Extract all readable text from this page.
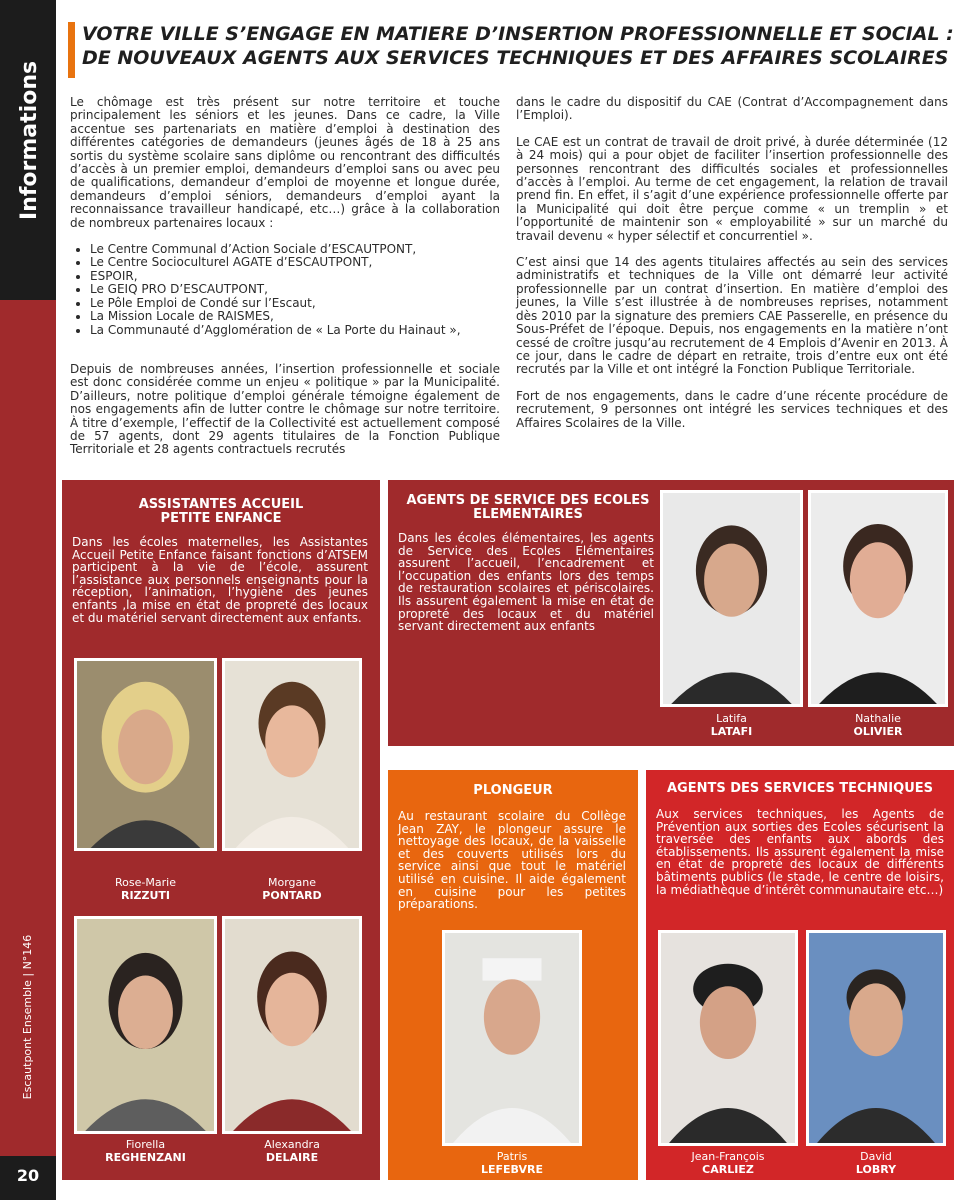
Informations
Escautpont Ensemble | N°146
20
VOTRE VILLE S’ENGAGE EN MATIERE D’INSERTION PROFESSIONNELLE ET SOCIAL :
DE NOUVEAUX AGENTS AUX SERVICES TECHNIQUES ET DES AFFAIRES SCOLAIRES

Le chômage est très présent sur notre territoire et touche principalement les séniors et les jeunes. Dans ce cadre, la Ville accentue ses partenariats en matière d’emploi à destination des différentes catégories de demandeurs (jeunes âgés de 18 à 25 ans sortis du système scolaire sans diplôme ou rencontrant des difficultés d’accès à un premier emploi, demandeurs d’emploi sans ou avec peu de qualifications, demandeur d’emploi de moyenne et longue durée, demandeurs d’emploi séniors, demandeurs d’emploi ayant la reconnaissance travailleur handicapé, etc…) grâce à la collaboration de nombreux partenaires locaux :

• Le Centre Communal d’Action Sociale d’ESCAUTPONT,
• Le Centre Socioculturel AGATE d’ESCAUTPONT,
• ESPOIR,
• Le GEIQ PRO D’ESCAUTPONT,
• Le Pôle Emploi de Condé sur l’Escaut,
• La Mission Locale de RAISMES,
• La Communauté d’Agglomération de « La Porte du Hainaut »,

Depuis de nombreuses années, l’insertion professionnelle et sociale est donc considérée comme un enjeu « politique » par la Municipalité. D’ailleurs, notre politique d’emploi générale témoigne également de nos engagements afin de lutter contre le chômage sur notre territoire. À titre d’exemple, l’effectif de la Collectivité est actuellement composé de 57 agents, dont 29 agents titulaires de la Fonction Publique Territoriale et 28 agents contractuels recrutés

dans le cadre du dispositif du CAE (Contrat d’Accompagnement dans l’Emploi).

Le CAE est un contrat de travail de droit privé, à durée déterminée (12 à 24 mois) qui a pour objet de faciliter l’insertion professionnelle des personnes rencontrant des difficultés sociales et professionnelles d’accès à l’emploi. Au terme de cet engagement, la relation de travail prend fin. En effet, il s’agit d’une expérience professionnelle offerte par la Municipalité qui doit être perçue comme « un tremplin » et l’opportunité de maintenir son « employabilité » sur un marché du travail devenu « hyper sélectif et concurrentiel ».

C’est ainsi que 14 des agents titulaires affectés au sein des services administratifs et techniques de la Ville ont démarré leur activité professionnelle par un contrat d’insertion. En matière d’emploi des jeunes, la Ville s’est illustrée à de nombreuses reprises, notamment dès 2010 par la signature des premiers CAE Passerelle, en présence du Sous-Préfet de l’époque. Depuis, nos engagements en la matière n’ont cessé de croître jusqu’au recrutement de 4 Emplois d’Avenir en 2013. À ce jour, dans le cadre de départ en retraite, trois d’entre eux ont été recrutés par la Ville et ont intégré la Fonction Publique Territoriale.

Fort de nos engagements, dans le cadre d’une récente procédure de recrutement, 9 personnes ont intégré les services techniques et des Affaires Scolaires de la Ville.

ASSISTANTES ACCUEIL
PETITE ENFANCE
Dans les écoles maternelles, les Assistantes Accueil Petite Enfance faisant fonctions d’ATSEM participent à la vie de l’école, assurent l’assistance aux personnels enseignants pour la réception, l’animation, l’hygiène des jeunes enfants ,la mise en état de propreté des locaux et du matériel servant directement aux enfants.
Rose-Marie
RIZZUTI
Morgane
PONTARD
Fiorella
REGHENZANI
Alexandra
DELAIRE
AGENTS DE SERVICE DES ECOLES
ELEMENTAIRES
Dans les écoles élémentaires, les agents de Service des Ecoles Elémentaires assurent l’accueil, l’encadrement et l’occupation des enfants lors des temps de restauration scolaires et périscolaires. Ils assurent également la mise en état de propreté des locaux et du matériel servant directement aux enfants
Latifa
LATAFI
Nathalie
OLIVIER
PLONGEUR
Au restaurant scolaire du Collège Jean ZAY, le plongeur assure le nettoyage des locaux, de la vaisselle et des couverts utilisés lors du service ainsi que tout le matériel utilisé en cuisine. Il aide également en cuisine pour les petites préparations.
Patris
LEFEBVRE
AGENTS DES SERVICES TECHNIQUES
Aux services techniques, les Agents de Prévention aux sorties des Ecoles sécurisent la traversée des enfants aux abords des établissements. Ils assurent également la mise en état de propreté des locaux de différents bâtiments publics (le stade, le centre de loisirs, la médiathèque d’intérêt communautaire etc…)
Jean-François
CARLIEZ
David
LOBRY
